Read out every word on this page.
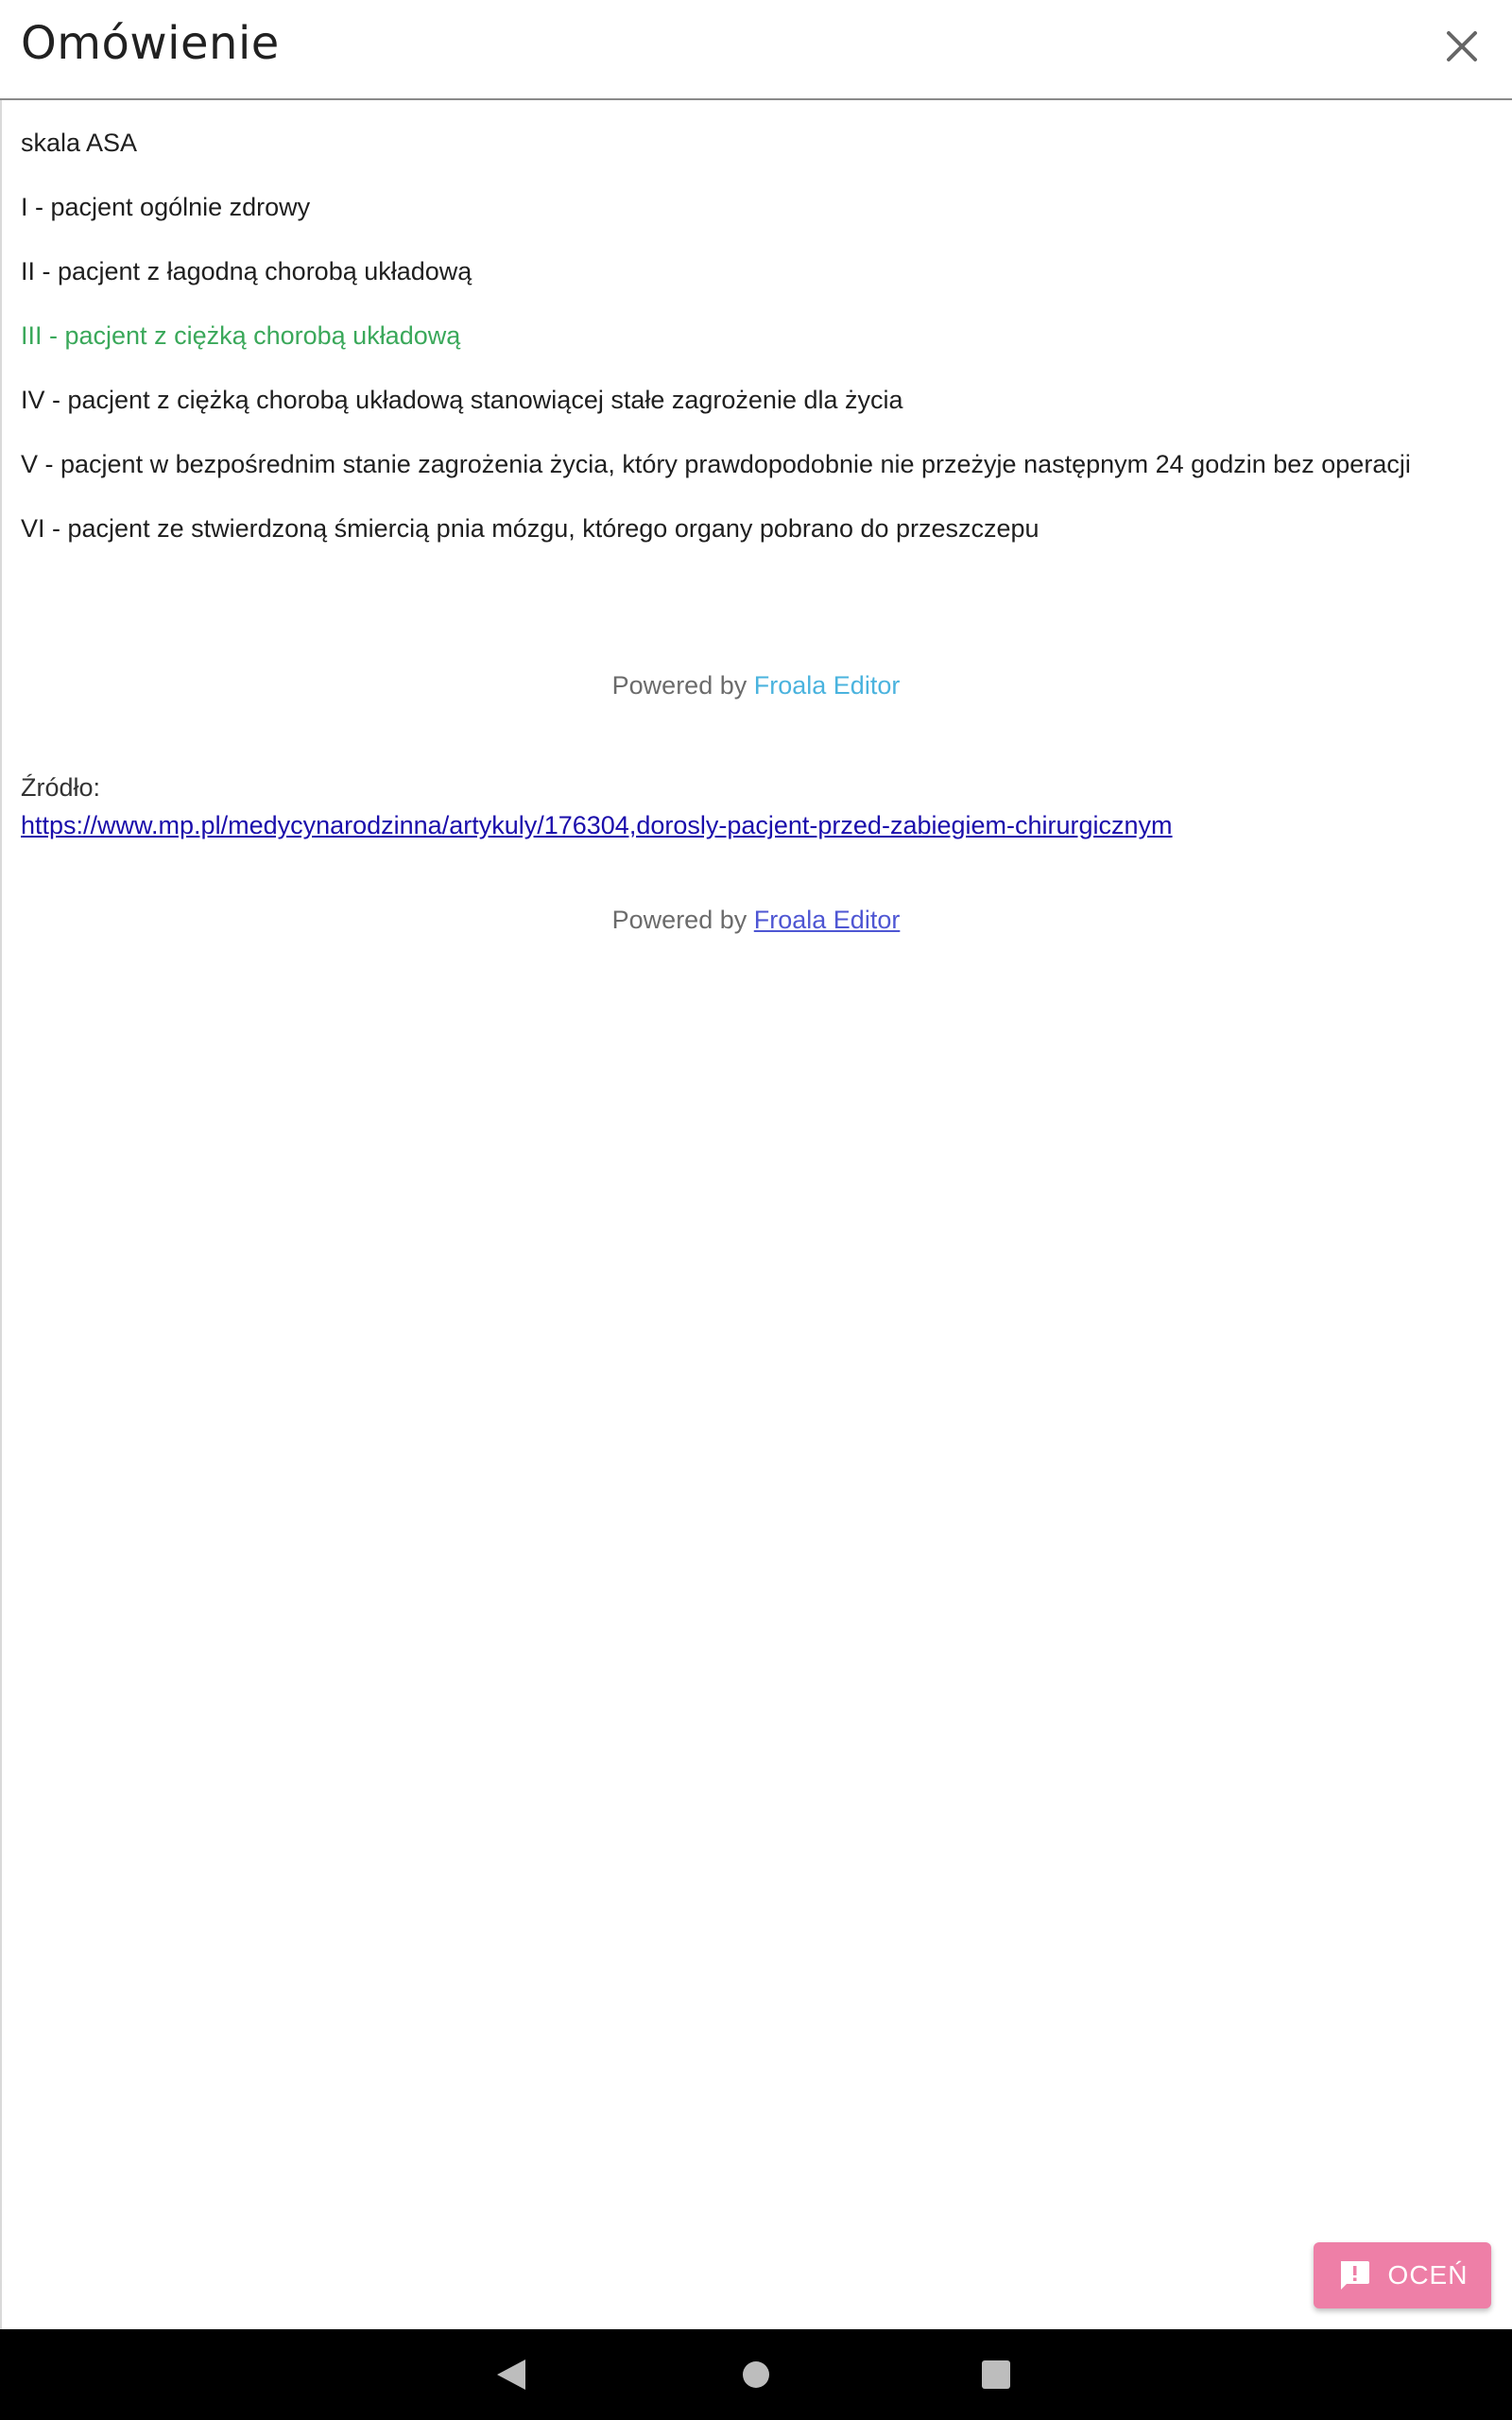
Omówienie
skala ASA
I - pacjent ogólnie zdrowy
II - pacjent z łagodną chorobą układową
III - pacjent z ciężką chorobą układową
IV - pacjent z ciężką chorobą układową stanowiącej stałe zagrożenie dla życia
V - pacjent w bezpośrednim stanie zagrożenia życia, który prawdopodobnie nie przeżyje następnym 24 godzin bez operacji
VI - pacjent ze stwierdzoną śmiercią pnia mózgu, którego organy pobrano do przeszczepu
Powered by Froala Editor
Źródło:
https://www.mp.pl/medycynarodzinna/artykuly/176304,dorosly-pacjent-przed-zabiegiem-chirurgicznym
Powered by Froala Editor
OCEŃ
